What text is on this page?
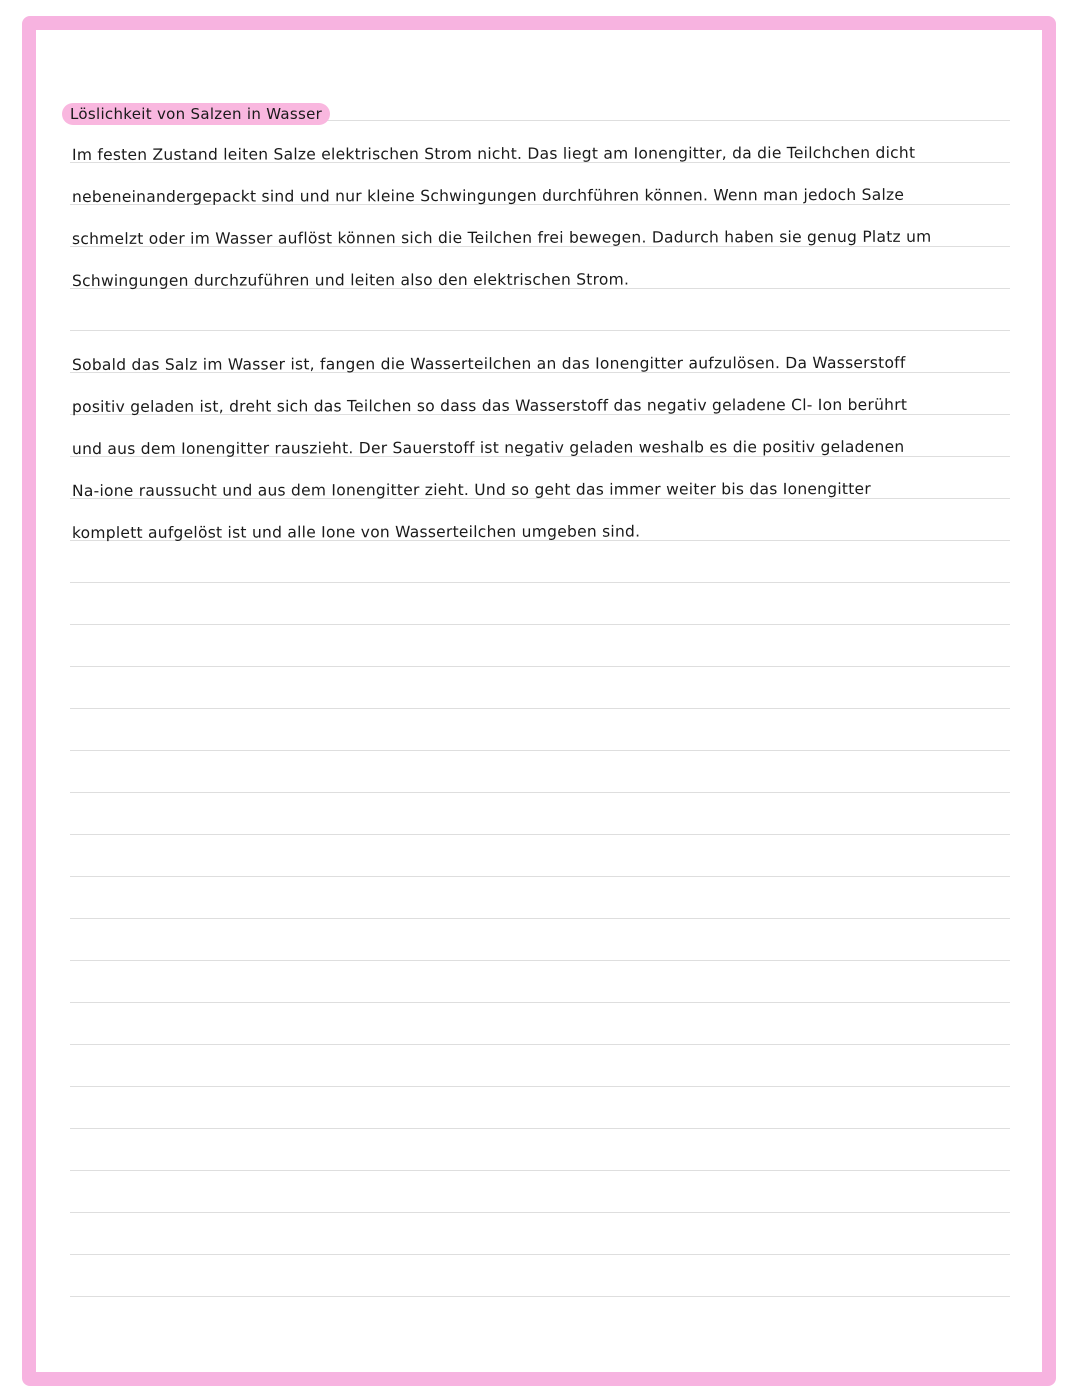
Löslichkeit von Salzen in Wasser
Im festen Zustand leiten Salze elektrischen Strom nicht. Das liegt am Ionengitter, da die Teilchchen dicht
nebeneinandergepackt sind und nur kleine Schwingungen durchführen können. Wenn man jedoch Salze
schmelzt oder im Wasser auflöst können sich die Teilchen frei bewegen. Dadurch haben sie genug Platz um
Schwingungen durchzuführen und leiten also den elektrischen Strom.
Sobald das Salz im Wasser ist, fangen die Wasserteilchen an das Ionengitter aufzulösen. Da Wasserstoff
positiv geladen ist, dreht sich das Teilchen so dass das Wasserstoff das negativ geladene Cl- Ion berührt
und aus dem Ionengitter rauszieht. Der Sauerstoff ist negativ geladen weshalb es die positiv geladenen
Na-ione raussucht und aus dem Ionengitter zieht. Und so geht das immer weiter bis das Ionengitter
komplett aufgelöst ist und alle Ione von Wasserteilchen umgeben sind.
